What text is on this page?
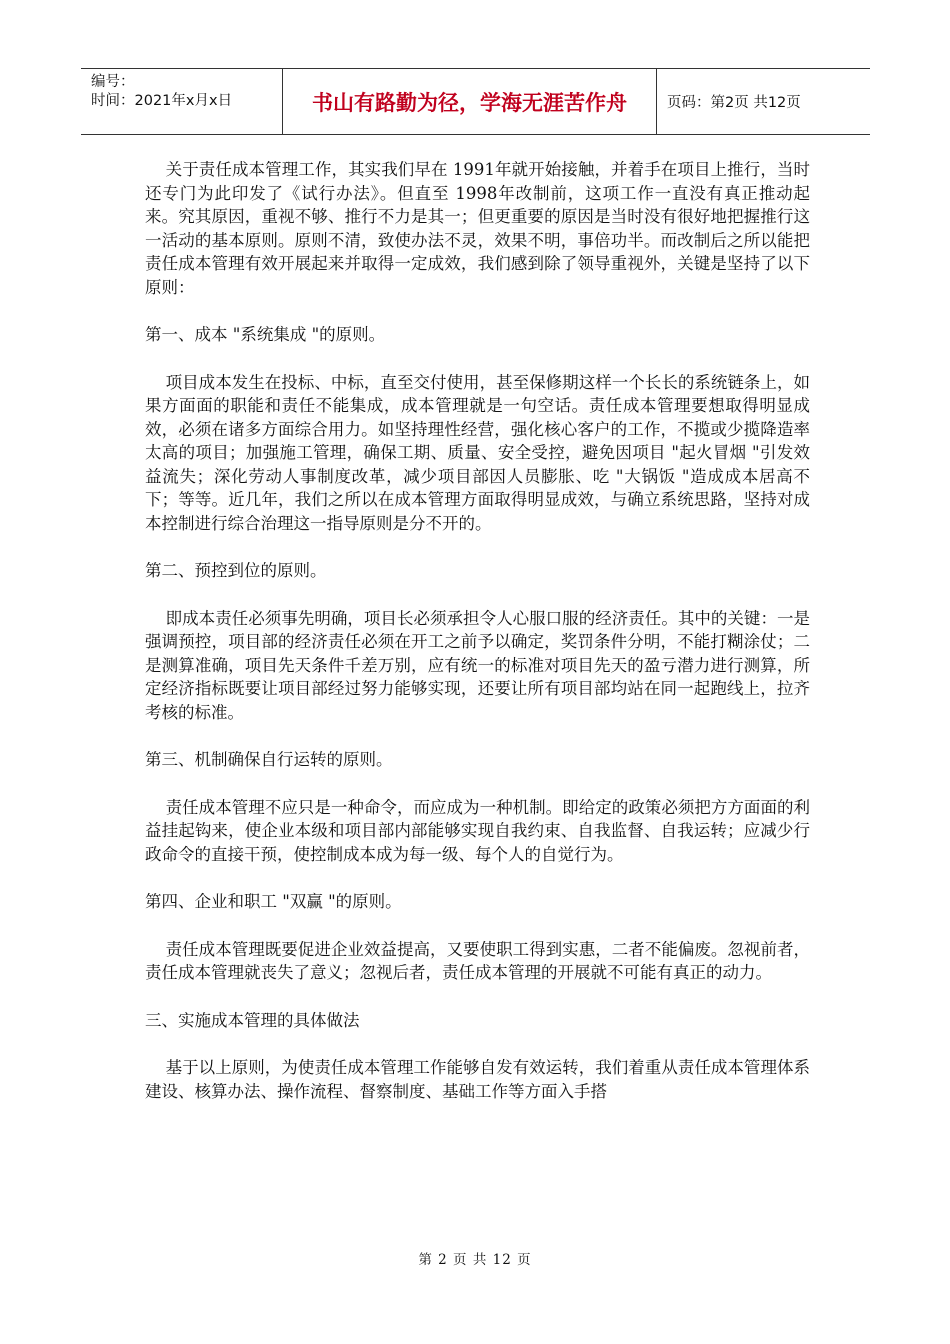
编号：
时间：2021年x月x日	书山有路勤为径，学海无涯苦作舟	页码：第2页 共12页

关于责任成本管理工作，其实我们早在 1991年就开始接触，并着手在项目上推行，当时还专门为此印发了《试行办法》。但直至 1998年改制前，这项工作一直没有真正推动起来。究其原因，重视不够、推行不力是其一；但更重要的原因是当时没有很好地把握推行这一活动的基本原则。原则不清，致使办法不灵，效果不明，事倍功半。而改制后之所以能把责任成本管理有效开展起来并取得一定成效，我们感到除了领导重视外，关键是坚持了以下原则：

第一、成本 "系统集成 "的原则。

项目成本发生在投标、中标，直至交付使用，甚至保修期这样一个长长的系统链条上，如果方面面的职能和责任不能集成，成本管理就是一句空话。责任成本管理要想取得明显成效，必须在诸多方面综合用力。如坚持理性经营，强化核心客户的工作，不揽或少揽降造率太高的项目；加强施工管理，确保工期、质量、安全受控，避免因项目 "起火冒烟 "引发效益流失；深化劳动人事制度改革，减少项目部因人员膨胀、吃 "大锅饭 "造成成本居高不下；等等。近几年，我们之所以在成本管理方面取得明显成效，与确立系统思路，坚持对成本控制进行综合治理这一指导原则是分不开的。

第二、预控到位的原则。

即成本责任必须事先明确，项目长必须承担令人心服口服的经济责任。其中的关键：一是强调预控，项目部的经济责任必须在开工之前予以确定，奖罚条件分明，不能打糊涂仗；二是测算准确，项目先天条件千差万别，应有统一的标准对项目先天的盈亏潜力进行测算，所定经济指标既要让项目部经过努力能够实现，还要让所有项目部均站在同一起跑线上，拉齐考核的标准。

第三、机制确保自行运转的原则。

责任成本管理不应只是一种命令，而应成为一种机制。即给定的政策必须把方方面面的利益挂起钩来，使企业本级和项目部内部能够实现自我约束、自我监督、自我运转；应减少行政命令的直接干预，使控制成本成为每一级、每个人的自觉行为。

第四、企业和职工 "双赢 "的原则。

责任成本管理既要促进企业效益提高，又要使职工得到实惠，二者不能偏废。忽视前者，责任成本管理就丧失了意义；忽视后者，责任成本管理的开展就不可能有真正的动力。

三、实施成本管理的具体做法

基于以上原则，为使责任成本管理工作能够自发有效运转，我们着重从责任成本管理体系建设、核算办法、操作流程、督察制度、基础工作等方面入手搭

第 2 页 共 12 页
